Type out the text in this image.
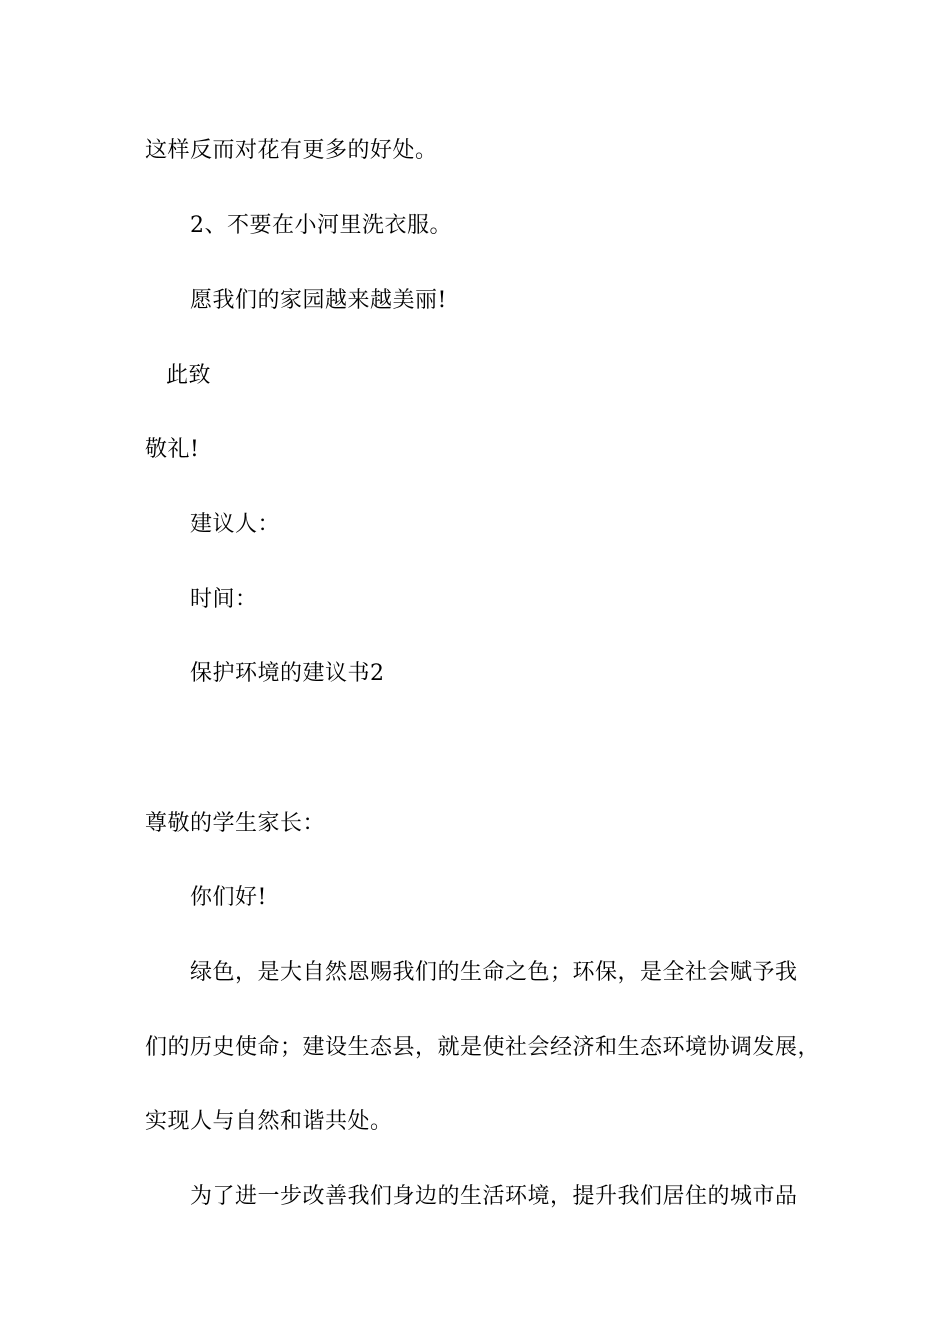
这样反而对花有更多的好处。
2、不要在小河里洗衣服。
愿我们的家园越来越美丽!
此致
敬礼!
建议人：
时间：
保护环境的建议书2
尊敬的学生家长：
你们好!
绿色，是大自然恩赐我们的生命之色；环保，是全社会赋予我
们的历史使命；建设生态县，就是使社会经济和生态环境协调发展，
实现人与自然和谐共处。
为了进一步改善我们身边的生活环境，提升我们居住的城市品
